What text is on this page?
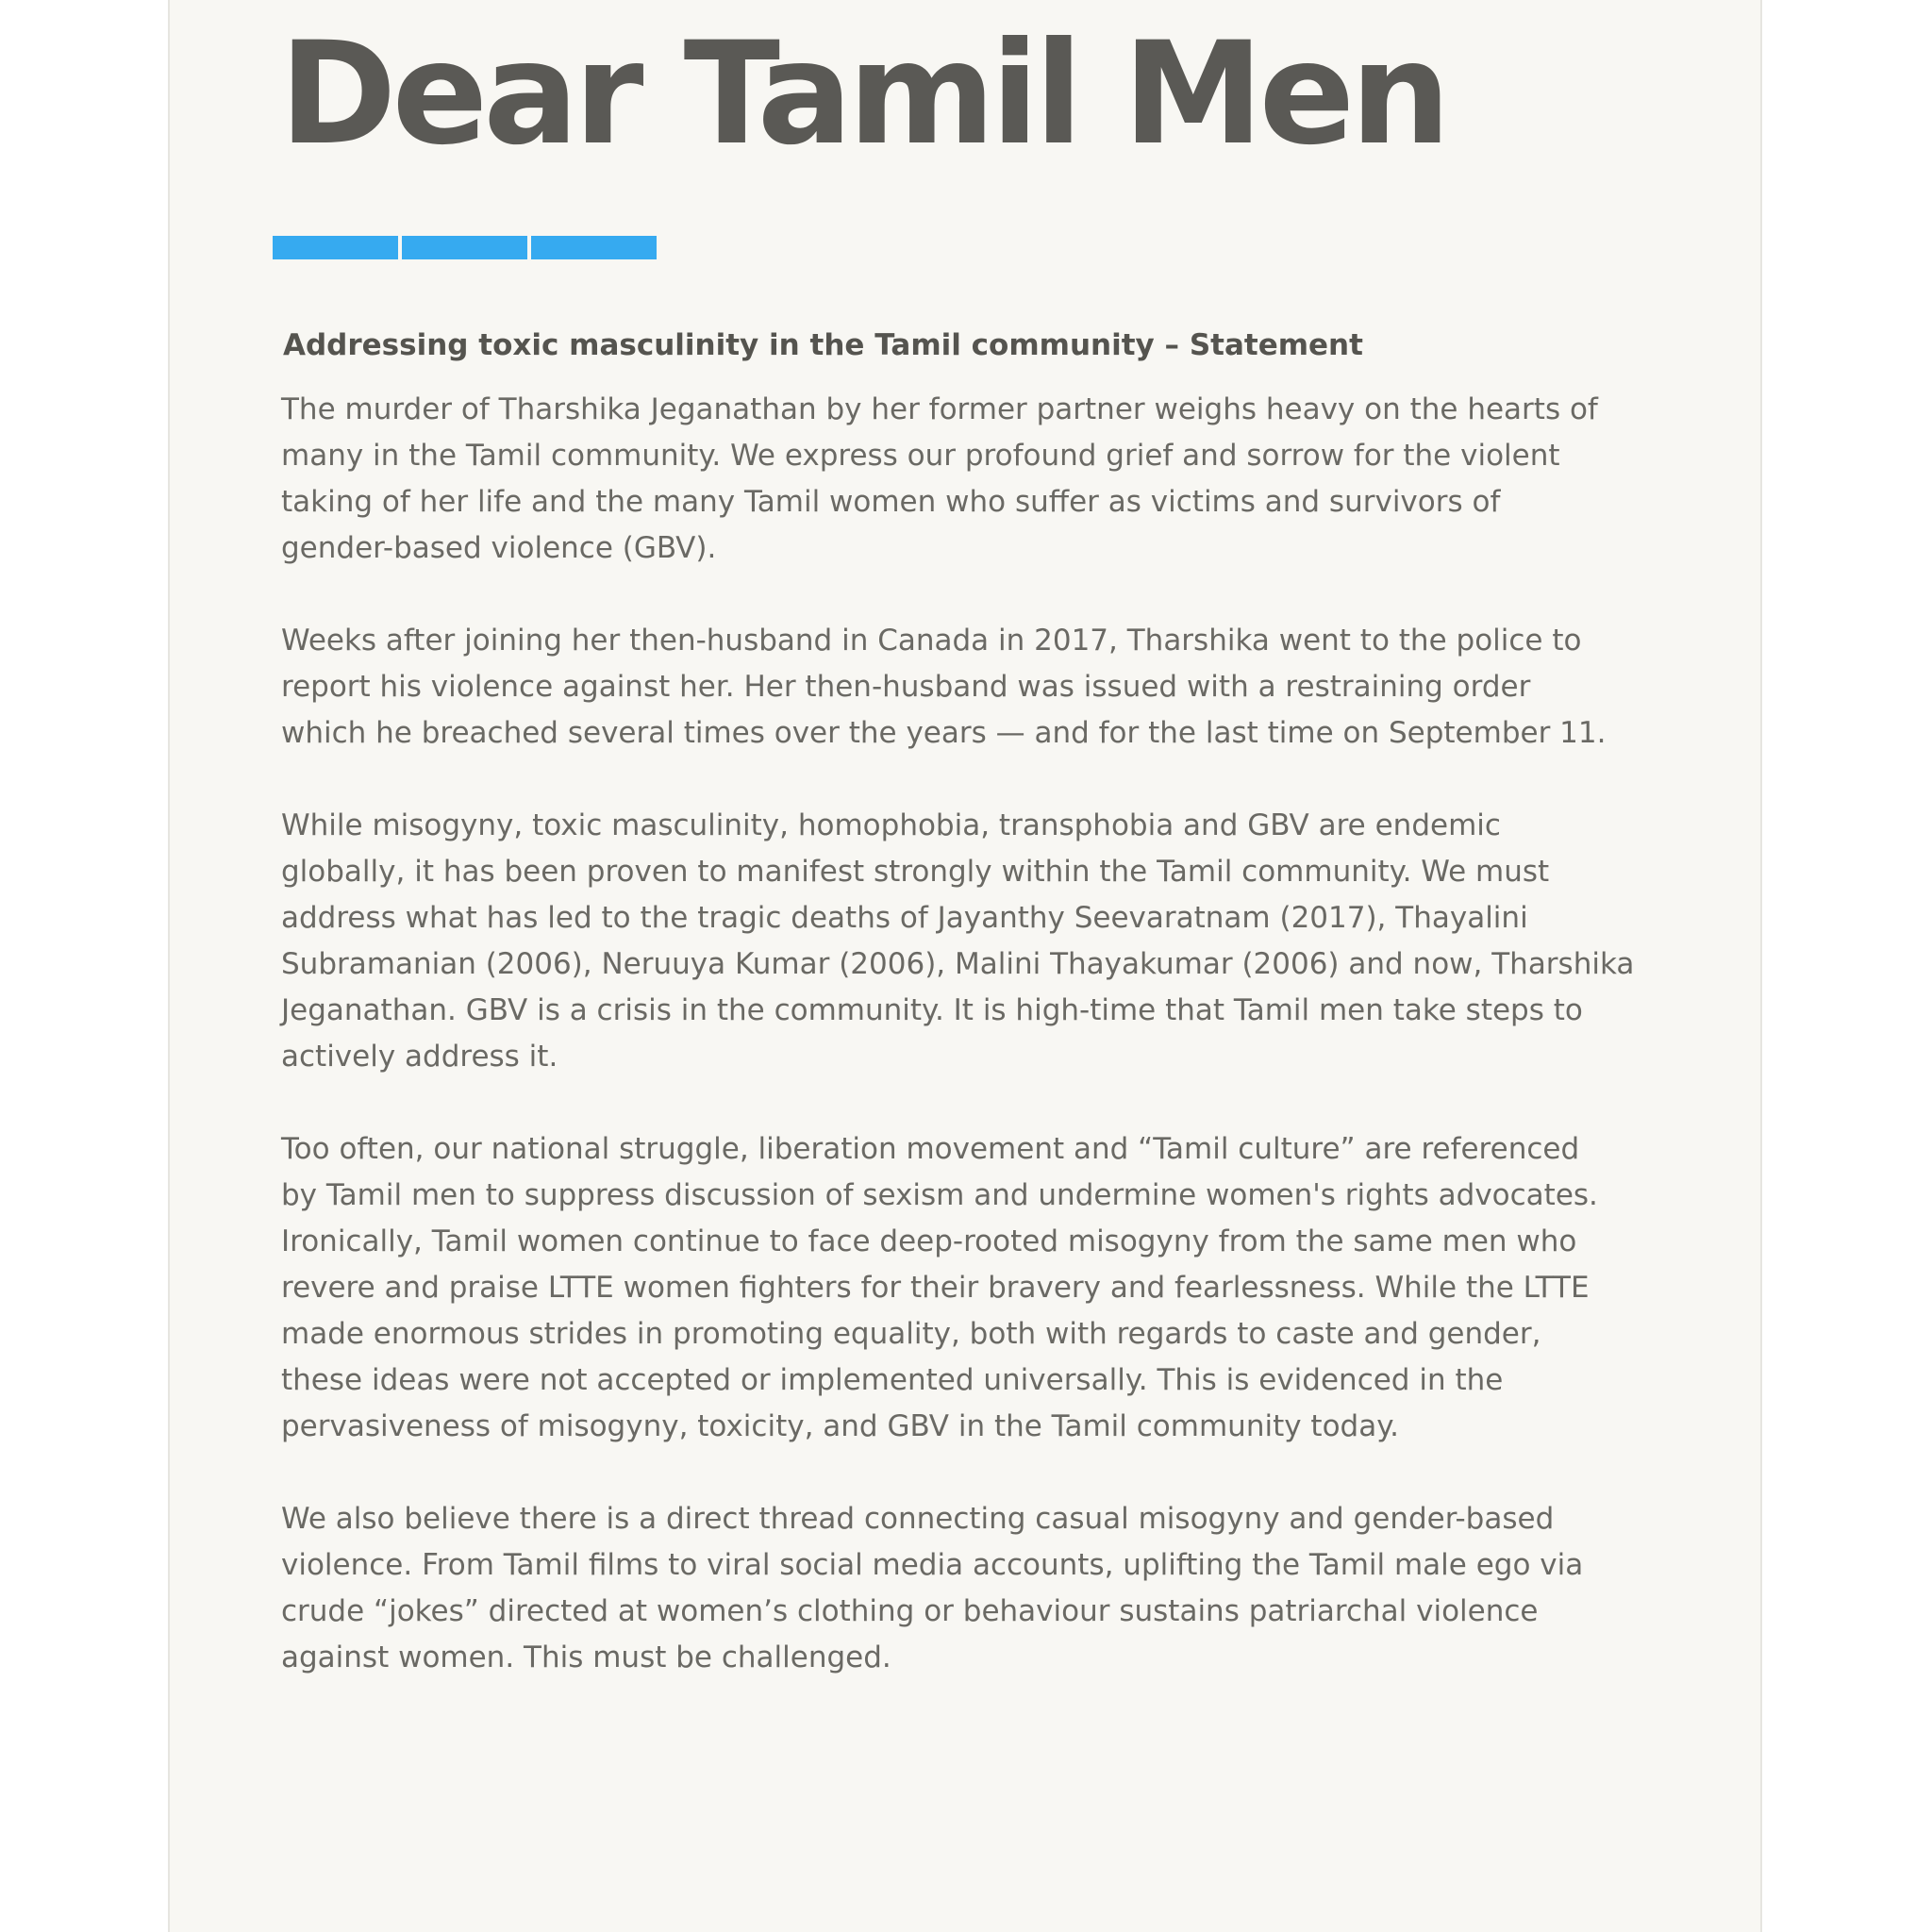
Dear Tamil Men
Addressing toxic masculinity in the Tamil community – Statement

The murder of Tharshika Jeganathan by her former partner weighs heavy on the hearts of
many in the Tamil community. We express our profound grief and sorrow for the violent
taking of her life and the many Tamil women who suffer as victims and survivors of
gender-based violence (GBV).

Weeks after joining her then-husband in Canada in 2017, Tharshika went to the police to
report his violence against her. Her then-husband was issued with a restraining order
which he breached several times over the years — and for the last time on September 11.

While misogyny, toxic masculinity, homophobia, transphobia and GBV are endemic
globally, it has been proven to manifest strongly within the Tamil community. We must
address what has led to the tragic deaths of Jayanthy Seevaratnam (2017), Thayalini
Subramanian (2006), Neruuya Kumar (2006), Malini Thayakumar (2006) and now, Tharshika
Jeganathan. GBV is a crisis in the community. It is high-time that Tamil men take steps to
actively address it.

Too often, our national struggle, liberation movement and “Tamil culture” are referenced
by Tamil men to suppress discussion of sexism and undermine women's rights advocates.
Ironically, Tamil women continue to face deep-rooted misogyny from the same men who
revere and praise LTTE women fighters for their bravery and fearlessness. While the LTTE
made enormous strides in promoting equality, both with regards to caste and gender,
these ideas were not accepted or implemented universally. This is evidenced in the
pervasiveness of misogyny, toxicity, and GBV in the Tamil community today.

We also believe there is a direct thread connecting casual misogyny and gender-based
violence. From Tamil films to viral social media accounts, uplifting the Tamil male ego via
crude “jokes” directed at women’s clothing or behaviour sustains patriarchal violence
against women. This must be challenged.
